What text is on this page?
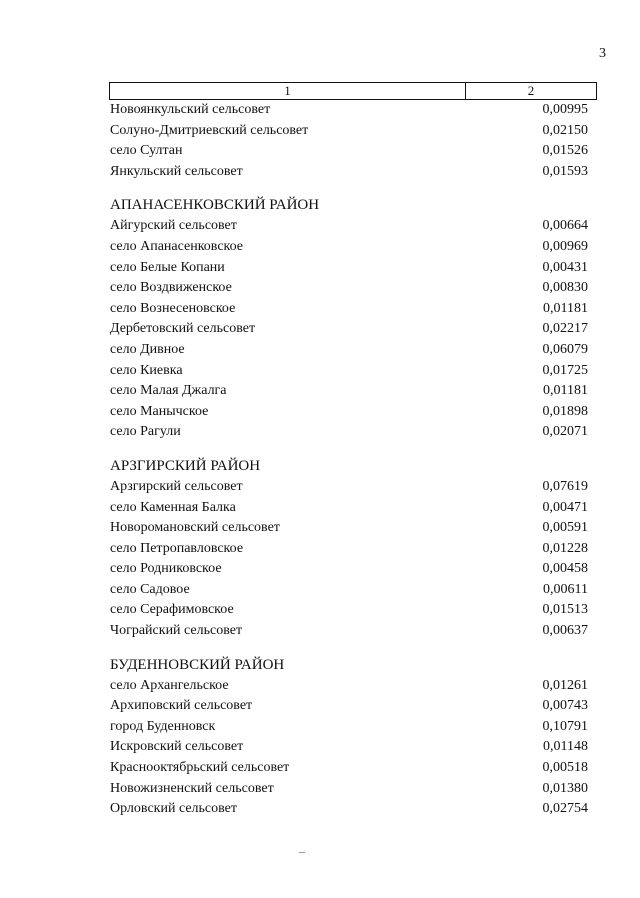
3
1	2
Новоянкульский сельсовет	0,00995
Солуно-Дмитриевский сельсовет	0,02150
село Султан	0,01526
Янкульский сельсовет	0,01593
АПАНАСЕНКОВСКИЙ РАЙОН
Айгурский сельсовет	0,00664
село Апанасенковское	0,00969
село Белые Копани	0,00431
село Воздвиженское	0,00830
село Вознесеновское	0,01181
Дербетовский сельсовет	0,02217
село Дивное	0,06079
село Киевка	0,01725
село Малая Джалга	0,01181
село Манычское	0,01898
село Рагули	0,02071
АРЗГИРСКИЙ РАЙОН
Арзгирский сельсовет	0,07619
село Каменная Балка	0,00471
Новоромановский сельсовет	0,00591
село Петропавловское	0,01228
село Родниковское	0,00458
село Садовое	0,00611
село Серафимовское	0,01513
Чограйский сельсовет	0,00637
БУДЕННОВСКИЙ РАЙОН
село Архангельское	0,01261
Архиповский сельсовет	0,00743
город Буденновск	0,10791
Искровский сельсовет	0,01148
Краснооктябрьский сельсовет	0,00518
Новожизненский сельсовет	0,01380
Орловский сельсовет	0,02754
